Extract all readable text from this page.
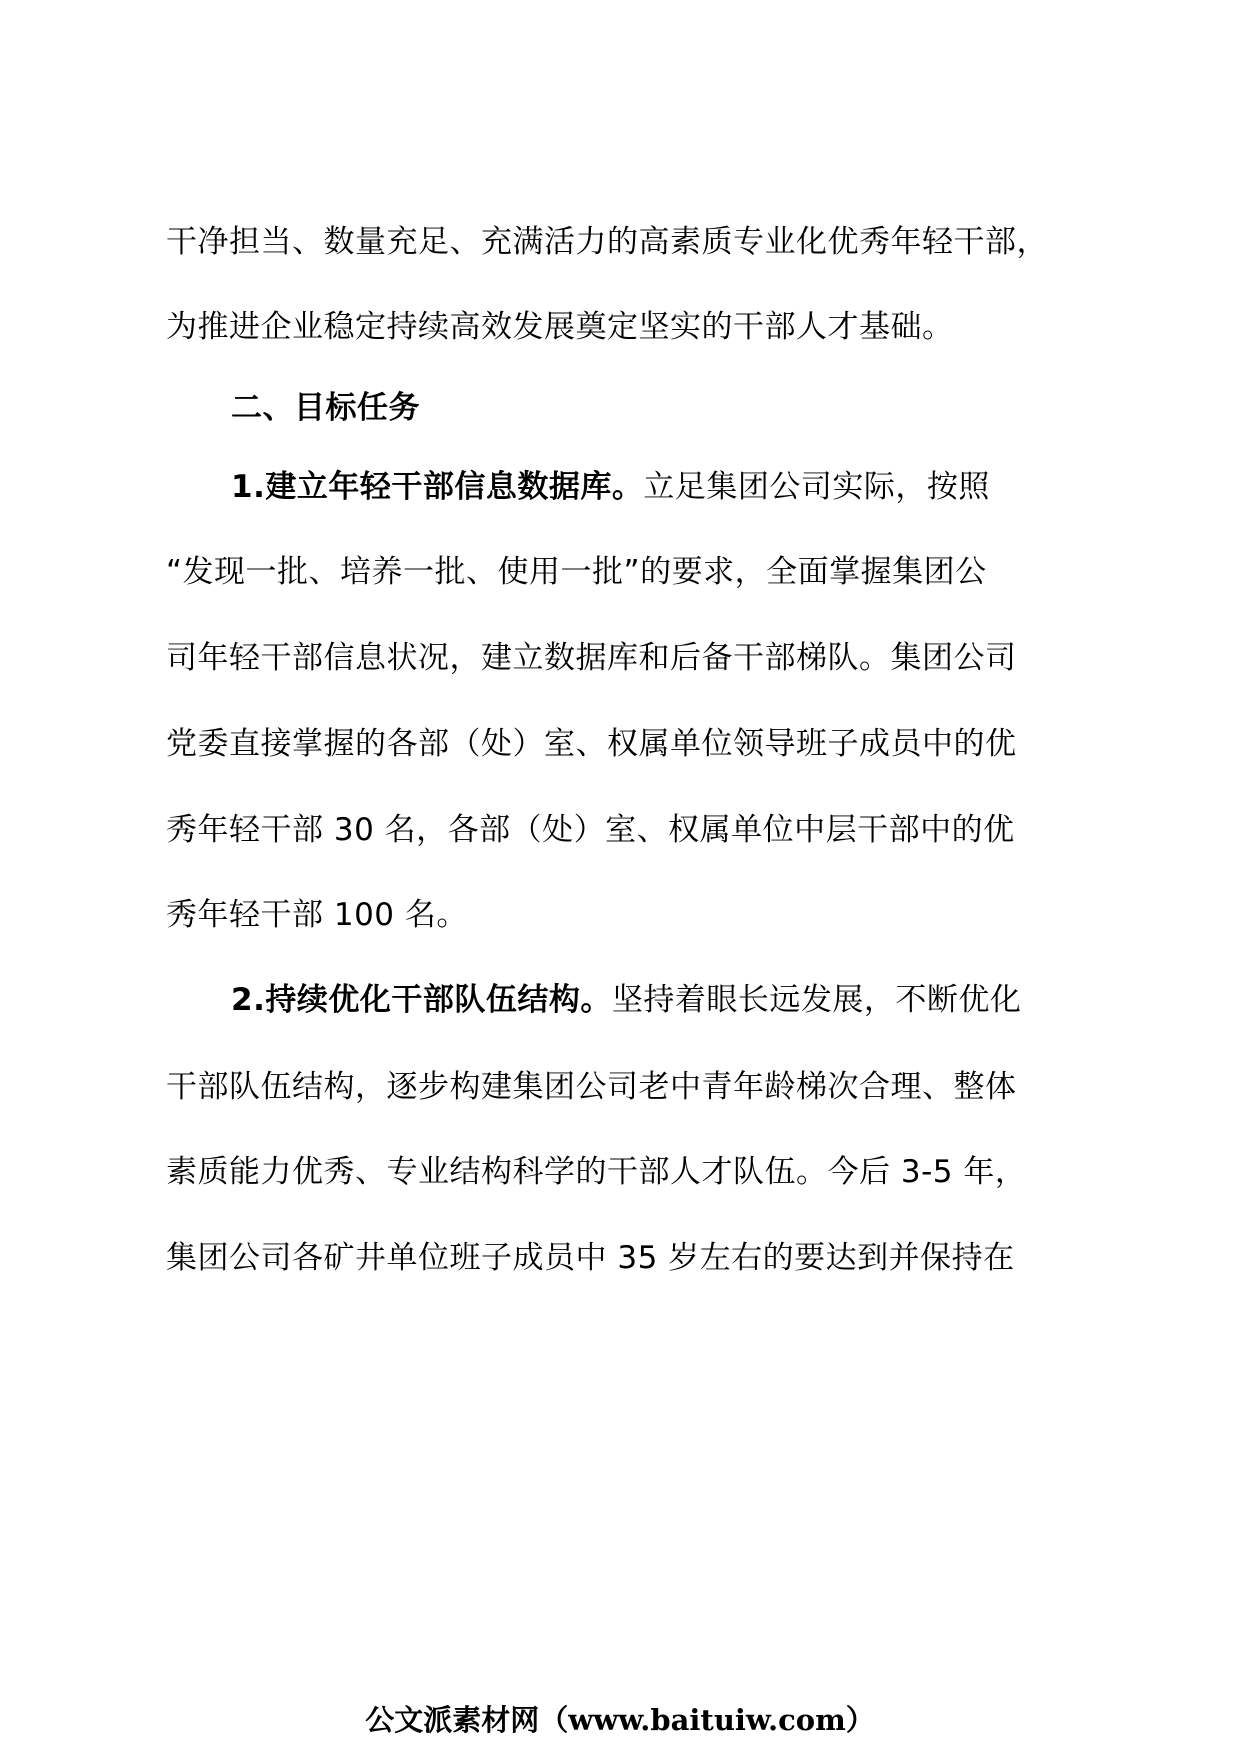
干净担当、数量充足、充满活力的高素质专业化优秀年轻干部，
为推进企业稳定持续高效发展奠定坚实的干部人才基础。
二、目标任务
1.建立年轻干部信息数据库。立足集团公司实际，按照
“发现一批、培养一批、使用一批”的要求，全面掌握集团公
司年轻干部信息状况，建立数据库和后备干部梯队。集团公司
党委直接掌握的各部（处）室、权属单位领导班子成员中的优
秀年轻干部 30 名，各部（处）室、权属单位中层干部中的优
秀年轻干部 100 名。
2.持续优化干部队伍结构。坚持着眼长远发展，不断优化
干部队伍结构，逐步构建集团公司老中青年龄梯次合理、整体
素质能力优秀、专业结构科学的干部人才队伍。今后 3-5 年，
集团公司各矿井单位班子成员中 35 岁左右的要达到并保持在
公文派素材网（www.baituiw.com）
